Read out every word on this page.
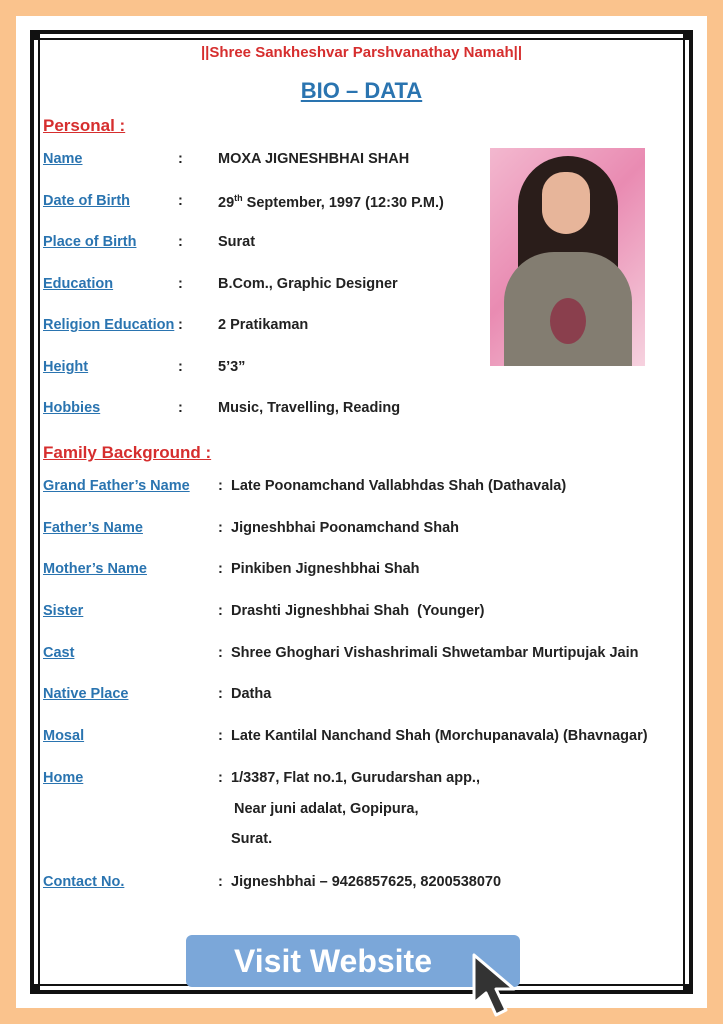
||Shree Sankheshvar Parshvanathay Namah||
BIO – DATA
Personal :
Name	: MOXA JIGNESHBHAI SHAH
Date of Birth	: 29th September, 1997 (12:30 P.M.)
Place of Birth	: Surat
Education	: B.Com., Graphic Designer
Religion Education : 2 Pratikaman
Height	: 5’3”
Hobbies	: Music, Travelling, Reading
Family Background :
Grand Father’s Name : Late Poonamchand Vallabhdas Shah (Dathavala)
Father’s Name	: Jigneshbhai Poonamchand Shah
Mother’s Name	: Pinkiben Jigneshbhai Shah
Sister	: Drashti Jigneshbhai Shah  (Younger)
Cast	: Shree Ghoghari Vishashrimali Shwetambar Murtipujak Jain
Native Place	: Datha
Mosal	: Late Kantilal Nanchand Shah (Morchupanavala) (Bhavnagar)
Home	: 1/3387, Flat no.1, Gurudarshan app.,
Near juni adalat, Gopipura,
Surat.
Contact No.	: Jigneshbhai – 9426857625, 8200538070
Visit Website
